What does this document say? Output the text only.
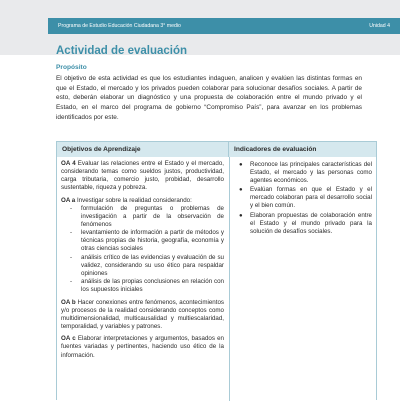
Programa de Estudio Educación Ciudadana 3° medio	Unidad 4
Actividad de evaluación
Propósito
El objetivo de esta actividad es que los estudiantes indaguen, analicen y evalúen las distintas formas en que el Estado, el mercado y los privados pueden colaborar para solucionar desafíos sociales. A partir de esto, deberán elaborar un diagnóstico y una propuesta de colaboración entre el mundo privado y el Estado, en el marco del programa de gobierno “Compromiso País”, para avanzar en los problemas identificados por este.
Objetivos de Aprendizaje	Indicadores de evaluación

OA 4 Evaluar las relaciones entre el Estado y el mercado, considerando temas como sueldos justos, productividad, carga tributaria, comercio justo, probidad, desarrollo sustentable, riqueza y pobreza.

OA a Investigar sobre la realidad considerando:

- formulación de preguntas o problemas de investigación a partir de la observación de fenómenos
- levantamiento de información a partir de métodos y técnicas propias de historia, geografía, economía y otras ciencias sociales
- análisis crítico de las evidencias y evaluación de su validez, considerando su uso ético para respaldar opiniones
- análisis de las propias conclusiones en relación con los supuestos iniciales

OA b Hacer conexiones entre fenómenos, acontecimientos y/o procesos de la realidad considerando conceptos como multidimensionalidad, multicausalidad y multiescalaridad, temporalidad, y variables y patrones.

OA c Elaborar interpretaciones y argumentos, basados en fuentes variadas y pertinentes, haciendo uso ético de la información.

● Reconoce las principales características del Estado, el mercado y las personas como agentes económicos.
● Evalúan formas en que el Estado y el mercado colaboran para el desarrollo social y el bien común.
● Elaboran propuestas de colaboración entre el Estado y el mundo privado para la solución de desafíos sociales.
